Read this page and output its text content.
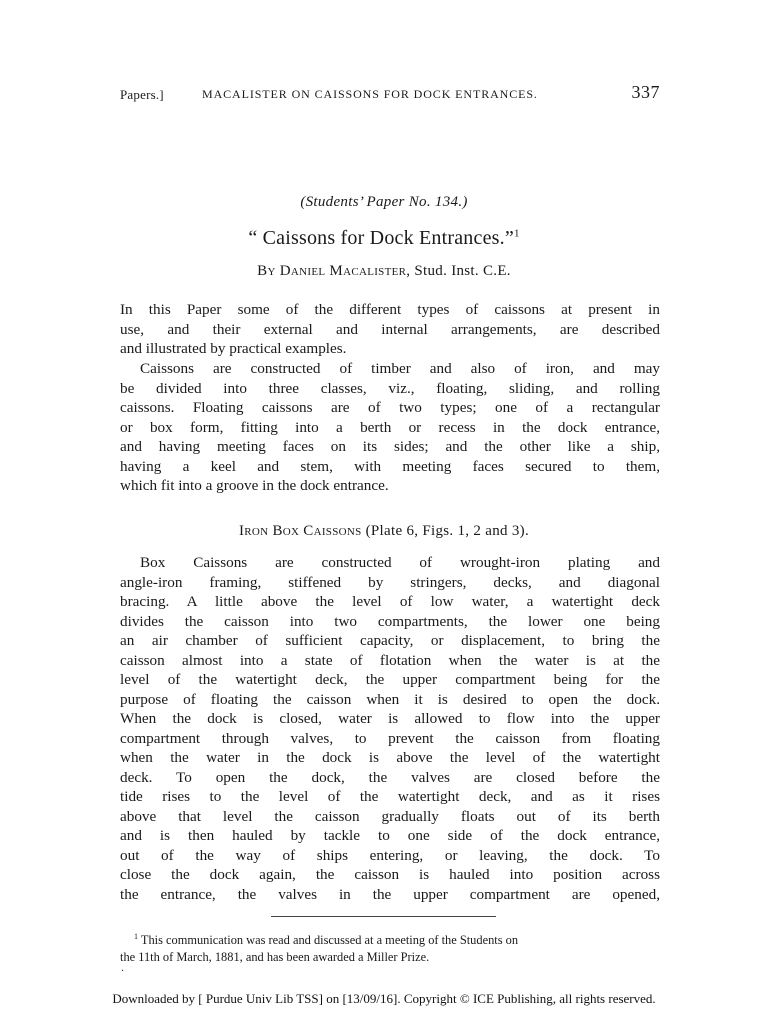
Papers.]	MACALISTER ON CAISSONS FOR DOCK ENTRANCES.	337
(Students’ Paper No. 134.)
“ Caissons for Dock Entrances.”$^1$
By Daniel Macalister, Stud. Inst. C.E.
In this Paper some of the different types of caissons at present in
use, and their external and internal arrangements, are described
and illustrated by practical examples.
Caissons are constructed of timber and also of iron, and may
be divided into three classes, viz., floating, sliding, and rolling
caissons. Floating caissons are of two types; one of a rectangular
or box form, fitting into a berth or recess in the dock entrance,
and having meeting faces on its sides; and the other like a ship,
having a keel and stem, with meeting faces secured to them,
which fit into a groove in the dock entrance.
Iron Box Caissons (Plate 6, Figs. 1, 2 and 3).
Box Caissons are constructed of wrought-iron plating and
angle-iron framing, stiffened by stringers, decks, and diagonal
bracing. A little above the level of low water, a watertight deck
divides the caisson into two compartments, the lower one being
an air chamber of sufficient capacity, or displacement, to bring the
caisson almost into a state of flotation when the water is at the
level of the watertight deck, the upper compartment being for the
purpose of floating the caisson when it is desired to open the dock.
When the dock is closed, water is allowed to flow into the upper
compartment through valves, to prevent the caisson from floating
when the water in the dock is above the level of the watertight
deck. To open the dock, the valves are closed before the
tide rises to the level of the watertight deck, and as it rises
above that level the caisson gradually floats out of its berth
and is then hauled by tackle to one side of the dock entrance,
out of the way of ships entering, or leaving, the dock. To
close the dock again, the caisson is hauled into position across
the entrance, the valves in the upper compartment are opened,
$^1$ This communication was read and discussed at a meeting of the Students on
the 11th of March, 1881, and has been awarded a Miller Prize.
·
Downloaded by [ Purdue Univ Lib TSS] on [13/09/16]. Copyright © ICE Publishing, all rights reserved.
